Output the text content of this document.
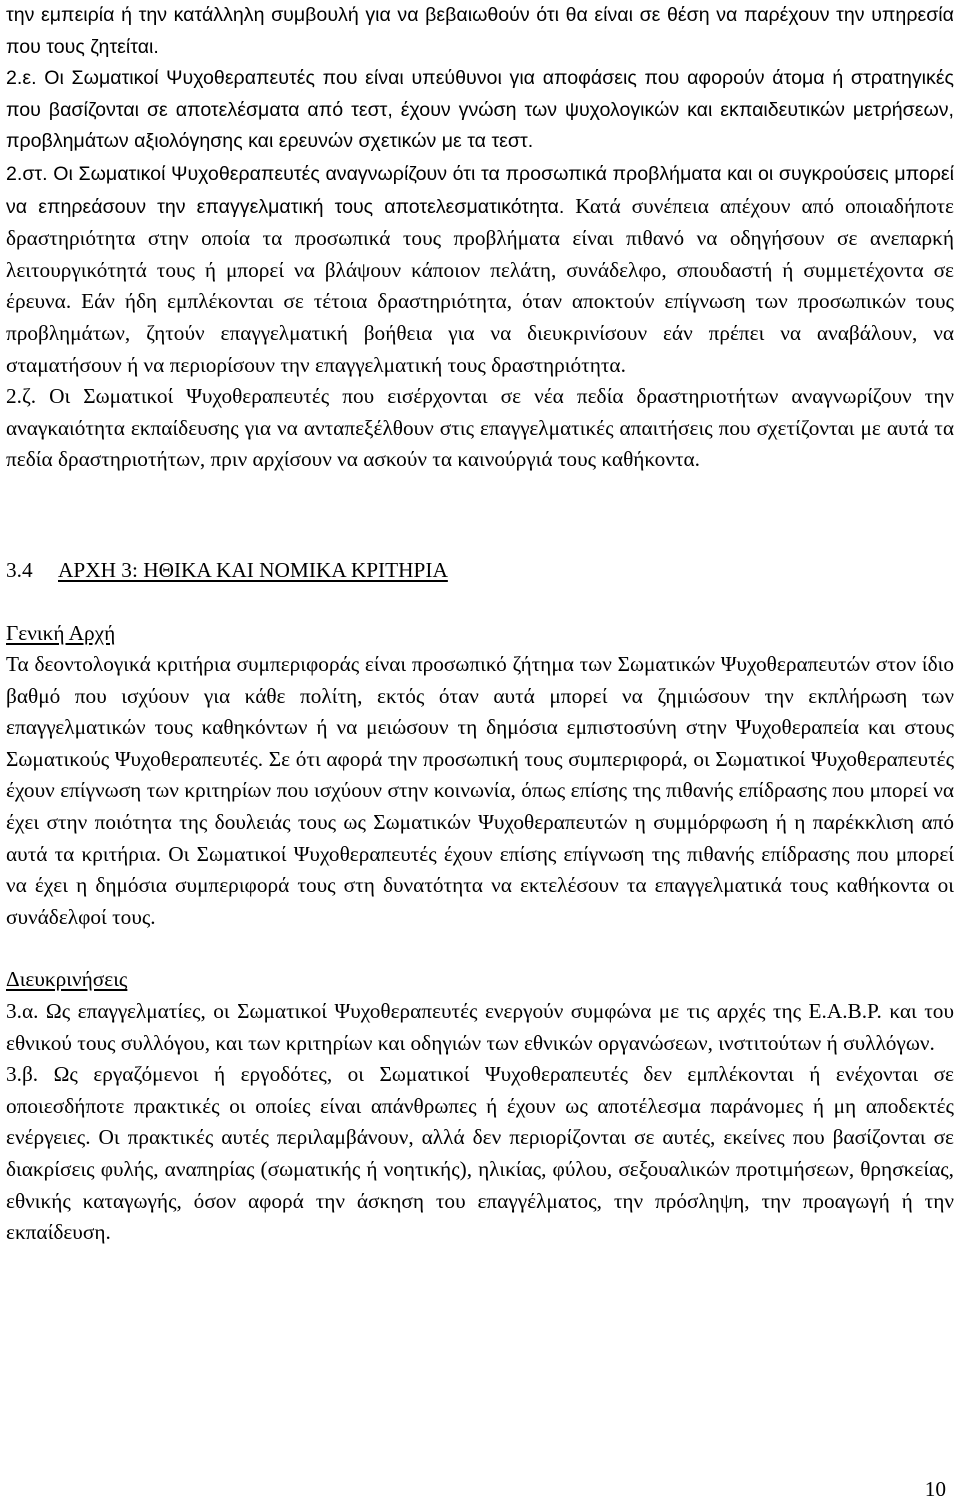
την εμπειρία ή την κατάλληλη συμβουλή για να βεβαιωθούν ότι θα είναι σε θέση να παρέχουν την υπηρεσία που τους ζητείται.

2.ε. Οι Σωματικοί Ψυχοθεραπευτές που είναι υπεύθυνοι για αποφάσεις που αφορούν άτομα ή στρατηγικές που βασίζονται σε αποτελέσματα από τεστ, έχουν γνώση των ψυχολογικών και εκπαιδευτικών μετρήσεων, προβλημάτων αξιολόγησης και ερευνών σχετικών με τα τεστ.

2.στ. Οι Σωματικοί Ψυχοθεραπευτές αναγνωρίζουν ότι τα προσωπικά προβλήματα και οι συγκρούσεις μπορεί να επηρεάσουν την επαγγελματική τους αποτελεσματικότητα. Κατά συνέπεια απέχουν από οποιαδήποτε δραστηριότητα στην οποία τα προσωπικά τους προβλήματα είναι πιθανό να οδηγήσουν σε ανεπαρκή λειτουργικότητά τους ή μπορεί να βλάψουν κάποιον πελάτη, συνάδελφο, σπουδαστή ή συμμετέχοντα σε έρευνα. Εάν ήδη εμπλέκονται σε τέτοια δραστηριότητα, όταν αποκτούν επίγνωση των προσωπικών τους προβλημάτων, ζητούν επαγγελματική βοήθεια για να διευκρινίσουν εάν πρέπει να αναβάλουν, να σταματήσουν ή να περιορίσουν την επαγγελματική τους δραστηριότητα.

2.ζ. Οι Σωματικοί Ψυχοθεραπευτές που εισέρχονται σε νέα πεδία δραστηριοτήτων αναγνωρίζουν την αναγκαιότητα εκπαίδευσης για να ανταπεξέλθουν στις επαγγελματικές απαιτήσεις που σχετίζονται με αυτά τα πεδία δραστηριοτήτων, πριν αρχίσουν να ασκούν τα καινούργιά τους καθήκοντα.

3.4 ΑΡΧΗ 3: ΗΘΙΚΑ ΚΑΙ ΝΟΜΙΚΑ ΚΡΙΤΗΡΙΑ

Γενική Αρχή

Τα δεοντολογικά κριτήρια συμπεριφοράς είναι προσωπικό ζήτημα των Σωματικών Ψυχοθεραπευτών στον ίδιο βαθμό που ισχύουν για κάθε πολίτη, εκτός όταν αυτά μπορεί να ζημιώσουν την εκπλήρωση των επαγγελματικών τους καθηκόντων ή να μειώσουν τη δημόσια εμπιστοσύνη στην Ψυχοθεραπεία και στους Σωματικούς Ψυχοθεραπευτές. Σε ότι αφορά την προσωπική τους συμπεριφορά, οι Σωματικοί Ψυχοθεραπευτές έχουν επίγνωση των κριτηρίων που ισχύουν στην κοινωνία, όπως επίσης της πιθανής επίδρασης που μπορεί να έχει στην ποιότητα της δουλειάς τους ως Σωματικών Ψυχοθεραπευτών η συμμόρφωση ή η παρέκκλιση από αυτά τα κριτήρια. Οι Σωματικοί Ψυχοθεραπευτές έχουν επίσης επίγνωση της πιθανής επίδρασης που μπορεί να έχει η δημόσια συμπεριφορά τους στη δυνατότητα να εκτελέσουν τα επαγγελματικά τους καθήκοντα οι συνάδελφοί τους.

Διευκρινήσεις

3.α. Ως επαγγελματίες, οι Σωματικοί Ψυχοθεραπευτές ενεργούν συμφώνα με τις αρχές της Ε.Α.Β.Ρ. και του εθνικού τους συλλόγου, και των κριτηρίων και οδηγιών των εθνικών οργανώσεων, ινστιτούτων ή συλλόγων.

3.β. Ως εργαζόμενοι ή εργοδότες, οι Σωματικοί Ψυχοθεραπευτές δεν εμπλέκονται ή ενέχονται σε οποιεσδήποτε πρακτικές οι οποίες είναι απάνθρωπες ή έχουν ως αποτέλεσμα παράνομες ή μη αποδεκτές ενέργειες. Οι πρακτικές αυτές περιλαμβάνουν, αλλά δεν περιορίζονται σε αυτές, εκείνες που βασίζονται σε διακρίσεις φυλής, αναπηρίας (σωματικής ή νοητικής), ηλικίας, φύλου, σεξουαλικών προτιμήσεων, θρησκείας, εθνικής καταγωγής, όσον αφορά την άσκηση του επαγγέλματος, την πρόσληψη, την προαγωγή ή την εκπαίδευση.

10
